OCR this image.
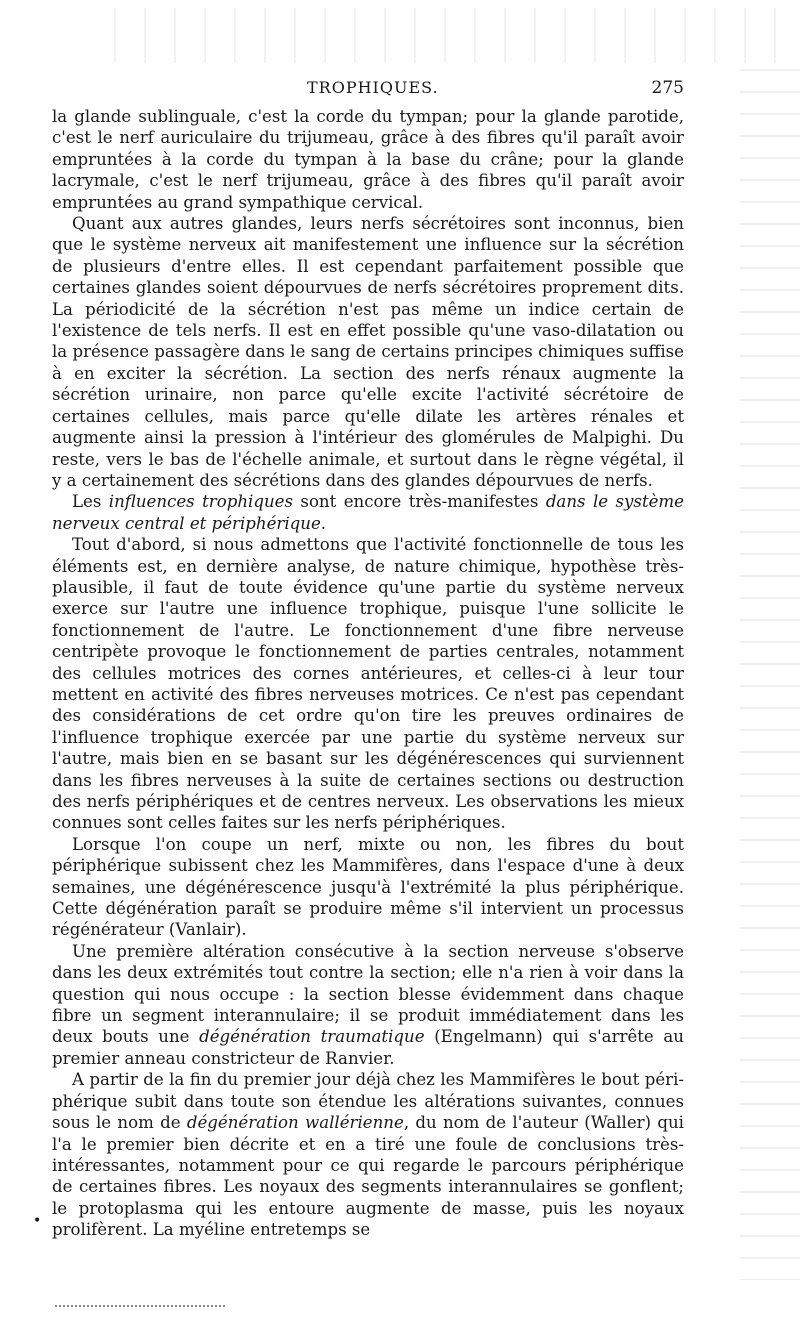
TROPHIQUES.	275

la glande sublinguale, c'est la corde du tympan; pour la glande parotide, c'est le nerf auriculaire du trijumeau, grâce à des fibres qu'il paraît avoir empruntées à la corde du tympan à la base du crâne; pour la glande lacrymale, c'est le nerf trijumeau, grâce à des fibres qu'il paraît avoir empruntées au grand sympathique cervical.

Quant aux autres glandes, leurs nerfs sécrétoires sont inconnus, bien que le système nerveux ait manifestement une influence sur la sécrétion de plusieurs d'entre elles. Il est cependant parfaitement possible que certaines glandes soient dépourvues de nerfs sécrétoires proprement dits. La périodicité de la sécrétion n'est pas même un indice certain de l'existence de tels nerfs. Il est en effet possible qu'une vaso-dilatation ou la présence passagère dans le sang de certains principes chimiques suffise à en exciter la sécrétion. La section des nerfs rénaux augmente la sécrétion urinaire, non parce qu'elle excite l'activité sécrétoire de certaines cellules, mais parce qu'elle dilate les artères rénales et augmente ainsi la pression à l'intérieur des glomérules de Malpighi. Du reste, vers le bas de l'échelle animale, et surtout dans le règne végétal, il y a certainement des sécrétions dans des glandes dépourvues de nerfs.

Les influences trophiques sont encore très-manifestes dans le système nerveux central et périphérique.

Tout d'abord, si nous admettons que l'activité fonctionnelle de tous les éléments est, en dernière analyse, de nature chimique, hypothèse très-plausible, il faut de toute évidence qu'une partie du système nerveux exerce sur l'autre une influence trophique, puisque l'une sollicite le fonctionnement de l'autre. Le fonctionnement d'une fibre nerveuse centripète provoque le fonctionnement de parties centrales, notamment des cellules motrices des cornes antérieures, et celles-ci à leur tour mettent en activité des fibres nerveuses motrices. Ce n'est pas cependant des considérations de cet ordre qu'on tire les preuves ordinaires de l'influence trophique exercée par une partie du système nerveux sur l'autre, mais bien en se basant sur les dégénérescences qui surviennent dans les fibres nerveuses à la suite de certaines sections ou destruction des nerfs périphériques et de centres nerveux. Les observations les mieux connues sont celles faites sur les nerfs périphériques.

Lorsque l'on coupe un nerf, mixte ou non, les fibres du bout périphérique subissent chez les Mammifères, dans l'espace d'une à deux semaines, une dégénérescence jusqu'à l'extrémité la plus périphérique. Cette dégénération paraît se produire même s'il intervient un processus régénérateur (Vanlair).

Une première altération consécutive à la section nerveuse s'observe dans les deux extrémités tout contre la section; elle n'a rien à voir dans la question qui nous occupe : la section blesse évidemment dans chaque fibre un segment interannulaire; il se produit immédiatement dans les deux bouts une dégénération traumatique (Engelmann) qui s'arrête au premier anneau constricteur de Ranvier.

A partir de la fin du premier jour déjà chez les Mammifères le bout périphérique subit dans toute son étendue les altérations suivantes, connues sous le nom de dégénération wallérienne, du nom de l'auteur (Waller) qui l'a le premier bien décrite et en a tiré une foule de conclusions très-intéressantes, notamment pour ce qui regarde le parcours périphérique de certaines fibres. Les noyaux des segments interannulaires se gonflent; le protoplasma qui les entoure augmente de masse, puis les noyaux prolifèrent. La myéline entretemps se

•
